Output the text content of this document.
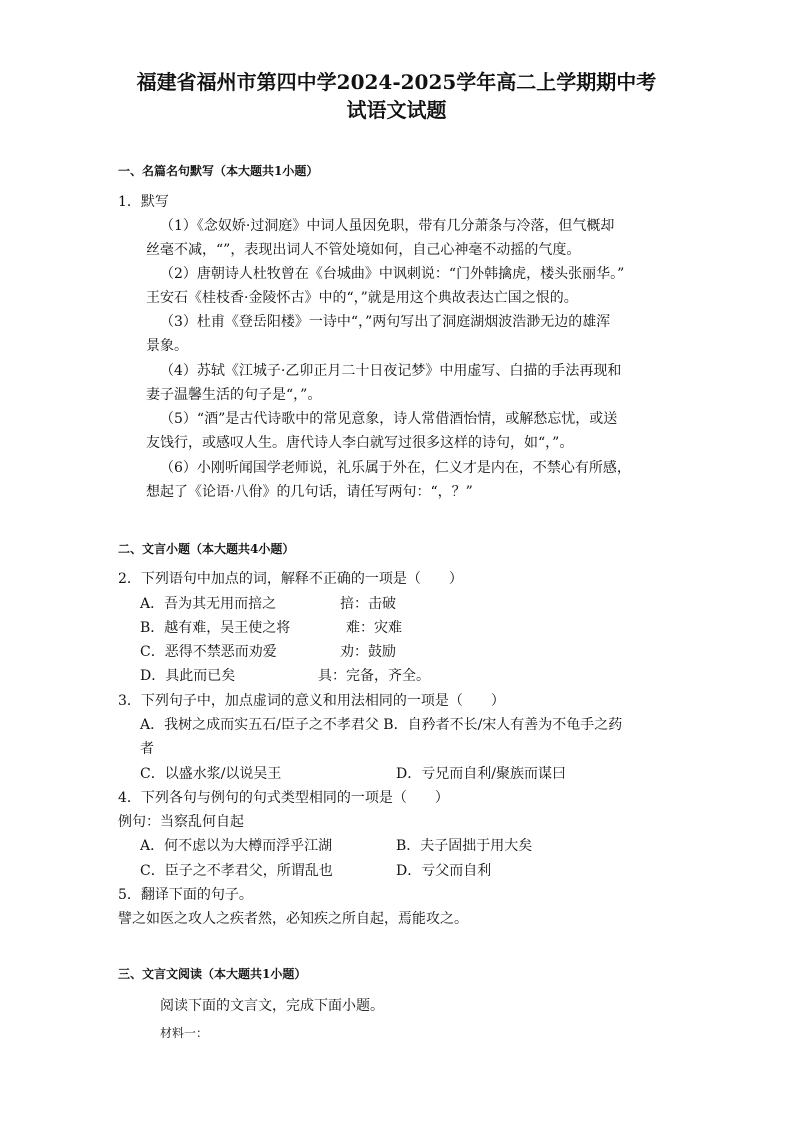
福建省福州市第四中学2024-2025学年高二上学期期中考
试语文试题
一、名篇名句默写（本大题共1小题）

1．默写

（1）《念奴娇·过洞庭》中词人虽因免职，带有几分萧条与冷落，但气概却

丝毫不减，“”，表现出词人不管处境如何，自己心神毫不动摇的气度。

（2）唐朝诗人杜牧曾在《台城曲》中讽刺说：“门外韩擒虎，楼头张丽华。”

王安石《桂枝香·金陵怀古》中的“，”就是用这个典故表达亡国之恨的。

（3）杜甫《登岳阳楼》一诗中“，”两句写出了洞庭湖烟波浩渺无边的雄浑

景象。

（4）苏轼《江城子·乙卯正月二十日夜记梦》中用虚写、白描的手法再现和

妻子温馨生活的句子是“，”。

（5）“酒”是古代诗歌中的常见意象，诗人常借酒怡情，或解愁忘忧，或送

友饯行，或感叹人生。唐代诗人李白就写过很多这样的诗句，如“，”。

（6）小刚听闻国学老师说，礼乐属于外在，仁义才是内在，不禁心有所感，

想起了《论语·八佾》的几句话，请任写两句：“，？”

二、文言小题（本大题共4小题）

2．下列语句中加点的词，解释不正确的一项是（　　）

A．吾为其无用而掊之	掊：击破

B．越有难，吴王使之将	难：灾难

C．恶得不禁恶而劝爱	劝：鼓励

D．具此而已矣	具：完备，齐全。

3．下列句子中，加点虚词的意义和用法相同的一项是（　　）

A．我树之成而实五石/臣子之不孝君父 B．自矜者不长/宋人有善为不龟手之药

者

C．以盛水浆/以说吴王	D．亏兄而自利/聚族而谋曰

4．下列各句与例句的句式类型相同的一项是（　　）

例句：当察乱何自起

A．何不虑以为大樽而浮乎江湖	B．夫子固拙于用大矣

C．臣子之不孝君父，所谓乱也	D．亏父而自利

5．翻译下面的句子。

譬之如医之攻人之疾者然，必知疾之所自起，焉能攻之。

三、文言文阅读（本大题共1小题）

阅读下面的文言文，完成下面小题。

材料一：
